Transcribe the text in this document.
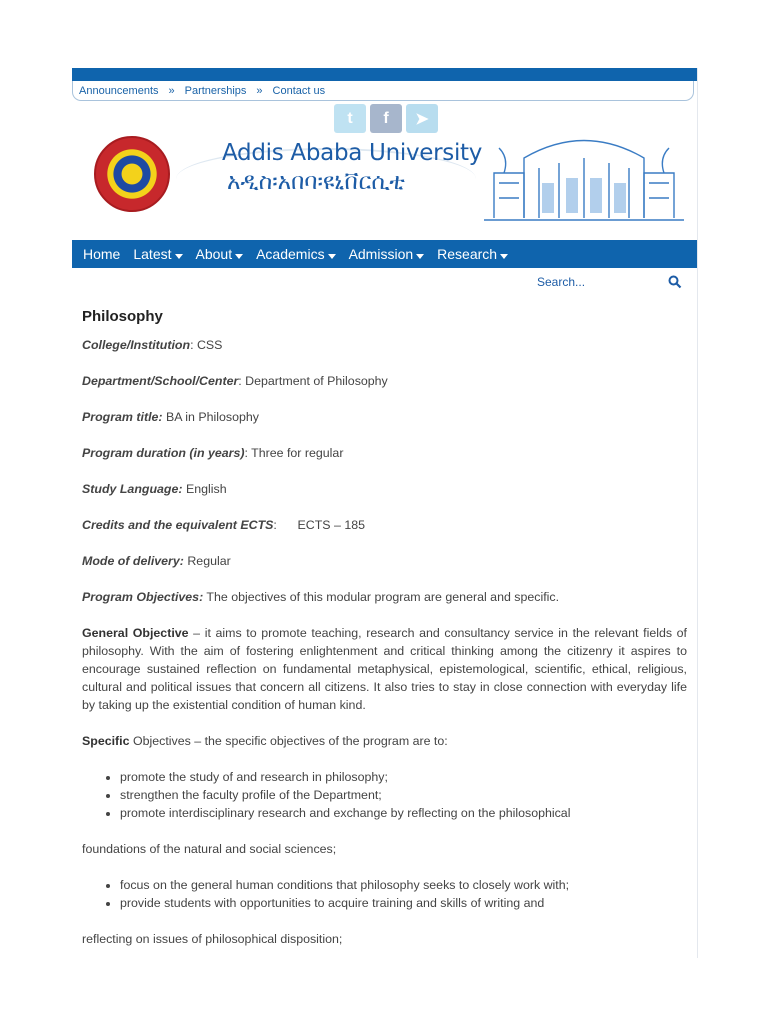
Announcements » Partnerships » Contact us
t	f	➤
Addis Ababa University
አዲስ፡አበባ፡ዩኒቨርሲቲ
Home Latest About Academics Admission Research
Search...
Philosophy
College/Institution: CSS
Department/School/Center: Department of Philosophy
Program title: BA in Philosophy
Program duration (in years): Three for regular
Study Language: English
Credits and the equivalent ECTS:      ECTS – 185
Mode of delivery: Regular
Program Objectives: The objectives of this modular program are general and specific.
General Objective – it aims to promote teaching, research and consultancy service in the relevant fields of philosophy. With the aim of fostering enlightenment and critical thinking among the citizenry it aspires to encourage sustained reflection on fundamental metaphysical, epistemological, scientific, ethical, religious, cultural and political issues that concern all citizens. It also tries to stay in close connection with everyday life by taking up the existential condition of human kind.
Specific Objectives – the specific objectives of the program are to:
• promote the study of and research in philosophy;
• strengthen the faculty profile of the Department;
• promote interdisciplinary research and exchange by reflecting on the philosophical
foundations of the natural and social sciences;
• focus on the general human conditions that philosophy seeks to closely work with;
• provide students with opportunities to acquire training and skills of writing and
reflecting on issues of philosophical disposition;
